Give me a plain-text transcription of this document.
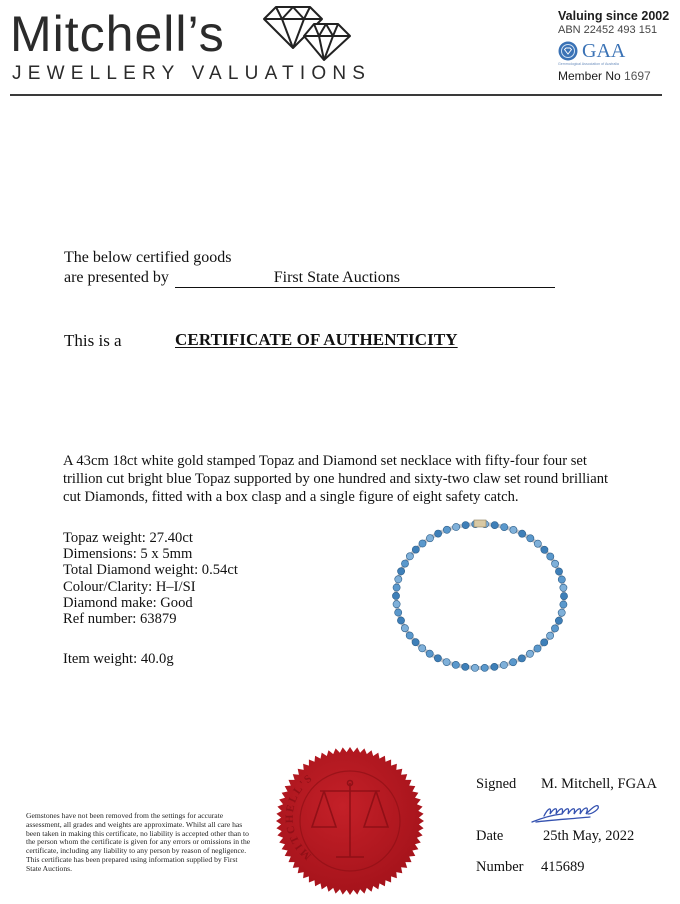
Mitchell’s
JEWELLERY VALUATIONS
Valuing since 2002
ABN 22452 493 151
GAA
Gemmological Association of Australia
Member No 1697
The below certified goods
are presented by	First State Auctions
This is a	CERTIFICATE OF AUTHENTICITY
A 43cm 18ct white gold stamped Topaz and Diamond set necklace with fifty-four four set trillion cut bright blue Topaz supported by one hundred and sixty-two claw set round brilliant cut Diamonds, fitted with a box clasp and a single figure of eight safety catch.
Topaz weight: 27.40ct
Dimensions: 5 x 5mm
Total Diamond weight: 0.54ct
Colour/Clarity: H–I/SI
Diamond make: Good
Ref number: 63879
Item weight: 40.0g
Gemstones have not been removed from the settings for accurate assessment, all grades and weights are approximate. Whilst all care has been taken in making this certificate, no liability is accepted other than to the person whom the certificate is given for any errors or omissions in the certificate, including any liability to any person by reason of negligence. This certificate has been prepared using information supplied by First State Auctions.
MITCHELL'S	Signed M. Mitchell, FGAA
Date	25th May, 2022
Number 415689
